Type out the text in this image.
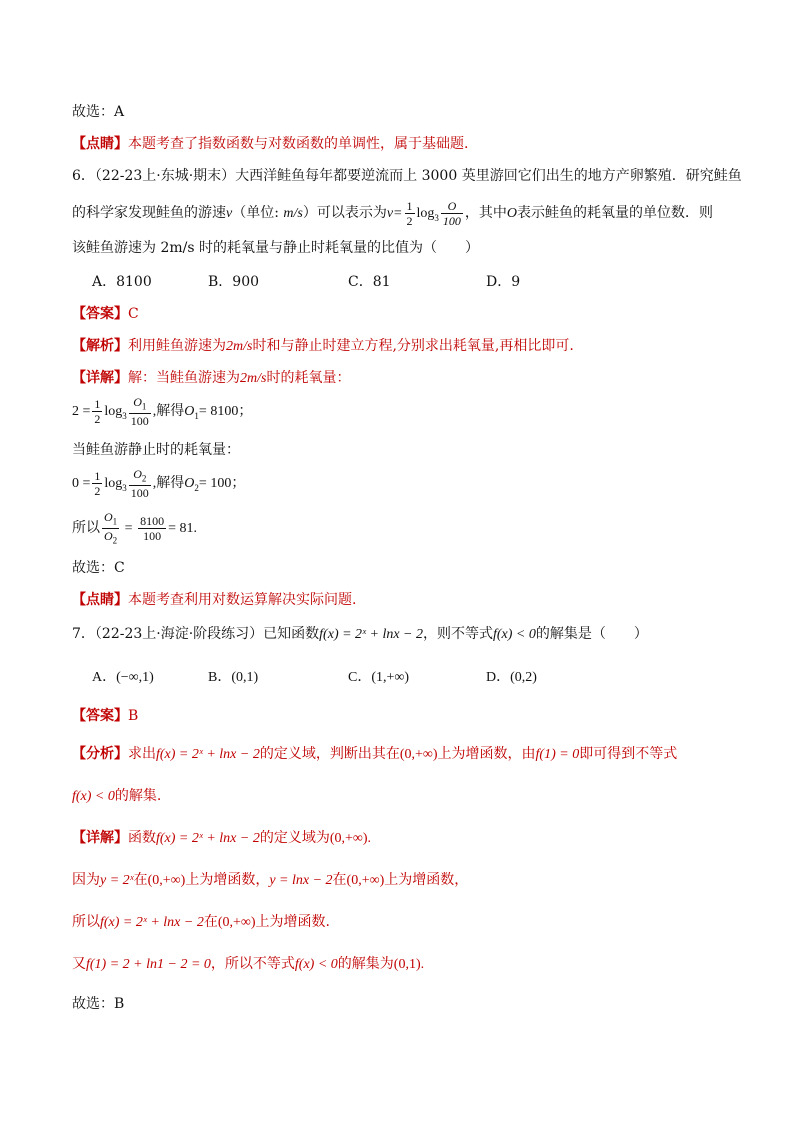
故选：A
【点睛】本题考查了指数函数与对数函数的单调性，属于基础题.
6．（22-23上·东城·期末）大西洋鲑鱼每年都要逆流而上 3000 英里游回它们出生的地方产卵繁殖．研究鲑鱼
的科学家发现鲑鱼的游速v（单位: m/s）可以表示为$v= \frac{1}{2} \log_3 \frac{O}{100}$ ，其中O表示鲑鱼的耗氧量的单位数．则
该鲑鱼游速为 2m/s 时的耗氧量与静止时耗氧量的比值为（　　）
A．8100	B．900	C．81	D．9
【答案】C
【解析】利用鲑鱼游速为2m/s时和与静止时建立方程,分别求出耗氧量,再相比即可.
【详解】解：当鲑鱼游速为2m/s时的耗氧量：
$2 = \frac{1}{2} \log_3 \frac{O_1}{100}$ ,解得$O_1= 8100$；
当鲑鱼游静止时的耗氧量：
$0 = \frac{1}{2} \log_3 \frac{O_2}{100}$ ,解得$O_2= 100$；
所以 $\frac{O_1}{O_2} = \frac{8100}{100} = 81$.
故选：C
【点睛】本题考查利用对数运算解决实际问题.
7．（22-23上·海淀·阶段练习）已知函数f(x) = 2ˣ + lnx − 2，则不等式f(x) < 0的解集是（　　）
A．(−∞,1)	B．(0,1)	C．(1,+∞)	D．(0,2)
【答案】B
【分析】求出f(x) = 2ˣ + lnx − 2的定义域，判断出其在(0,+∞)上为增函数，由f(1) = 0即可得到不等式
f(x) < 0的解集.
【详解】函数f(x) = 2ˣ + lnx − 2的定义域为(0,+∞).
因为y = 2ˣ在(0,+∞)上为增函数，y = lnx − 2在(0,+∞)上为增函数，
所以f(x) = 2ˣ + lnx − 2在(0,+∞)上为增函数.
又f(1) = 2 + ln1 − 2 = 0，所以不等式f(x) < 0的解集为(0,1).
故选：B
